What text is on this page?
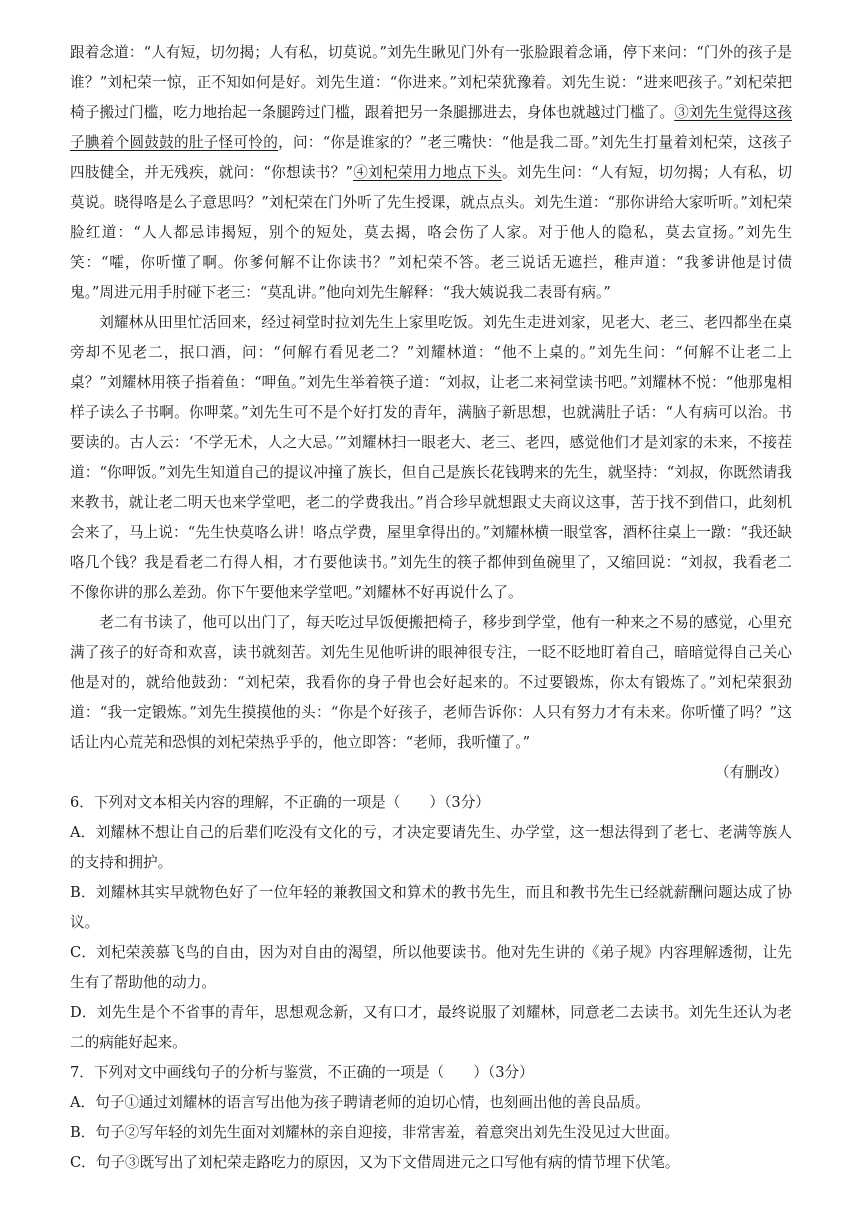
跟着念道：“人有短，切勿揭；人有私，切莫说。”刘先生瞅见门外有一张脸跟着念诵，停下来问：“门外的孩子是谁？”刘杞荣一惊，正不知如何是好。刘先生道：“你进来。”刘杞荣犹豫着。刘先生说：“进来吧孩子。”刘杞荣把椅子搬过门槛，吃力地抬起一条腿跨过门槛，跟着把另一条腿挪进去，身体也就越过门槛了。③刘先生觉得这孩子腆着个圆鼓鼓的肚子怪可怜的，问：“你是谁家的？”老三嘴快：“他是我二哥。”刘先生打量着刘杞荣，这孩子四肢健全，并无残疾，就问：“你想读书？”④刘杞荣用力地点下头。刘先生问：“人有短，切勿揭；人有私，切莫说。晓得咯是么子意思吗？”刘杞荣在门外听了先生授课，就点点头。刘先生道：“那你讲给大家听听。”刘杞荣脸红道：“人人都忌讳揭短，别个的短处，莫去揭，咯会伤了人家。对于他人的隐私，莫去宣扬。”刘先生笑：“嚯，你听懂了啊。你爹何解不让你读书？”刘杞荣不答。老三说话无遮拦，稚声道：“我爹讲他是讨债鬼。”周进元用手肘碰下老三：“莫乱讲。”他向刘先生解释：“我大姨说我二表哥有病。”

刘耀林从田里忙活回来，经过祠堂时拉刘先生上家里吃饭。刘先生走进刘家，见老大、老三、老四都坐在桌旁却不见老二，抿口酒，问：“何解冇看见老二？”刘耀林道：“他不上桌的。”刘先生问：“何解不让老二上桌？”刘耀林用筷子指着鱼：“呷鱼。”刘先生举着筷子道：“刘叔，让老二来祠堂读书吧。”刘耀林不悦：“他那鬼相样子读么子书啊。你呷菜。”刘先生可不是个好打发的青年，满脑子新思想，也就满肚子话：“人有病可以治。书要读的。古人云：‘不学无术，人之大忌。’”刘耀林扫一眼老大、老三、老四，感觉他们才是刘家的未来，不接茬道：“你呷饭。”刘先生知道自己的提议冲撞了族长，但自己是族长花钱聘来的先生，就坚持：“刘叔，你既然请我来教书，就让老二明天也来学堂吧，老二的学费我出。”肖合珍早就想跟丈夫商议这事，苦于找不到借口，此刻机会来了，马上说：“先生快莫咯么讲！咯点学费，屋里拿得出的。”刘耀林横一眼堂客，酒杯往桌上一蹾：“我还缺咯几个钱？我是看老二冇得人相，才冇要他读书。”刘先生的筷子都伸到鱼碗里了，又缩回说：“刘叔，我看老二不像你讲的那么差劲。你下午要他来学堂吧。”刘耀林不好再说什么了。

老二有书读了，他可以出门了，每天吃过早饭便搬把椅子，移步到学堂，他有一种来之不易的感觉，心里充满了孩子的好奇和欢喜，读书就刻苦。刘先生见他听讲的眼神很专注，一眨不眨地盯着自己，暗暗觉得自己关心他是对的，就给他鼓劲：“刘杞荣，我看你的身子骨也会好起来的。不过要锻炼，你太有锻炼了。”刘杞荣狠劲道：“我一定锻炼。”刘先生摸摸他的头：“你是个好孩子，老师告诉你：人只有努力才有未来。你听懂了吗？”这话让内心荒芜和恐惧的刘杞荣热乎乎的，他立即答：“老师，我听懂了。”

（有删改）

6．下列对文本相关内容的理解，不正确的一项是（　　）（3分）

A．刘耀林不想让自己的后辈们吃没有文化的亏，才决定要请先生、办学堂，这一想法得到了老七、老满等族人的支持和拥护。

B．刘耀林其实早就物色好了一位年轻的兼教国文和算术的教书先生，而且和教书先生已经就薪酬问题达成了协议。

C．刘杞荣羡慕飞鸟的自由，因为对自由的渴望，所以他要读书。他对先生讲的《弟子规》内容理解透彻，让先生有了帮助他的动力。

D．刘先生是个不省事的青年，思想观念新，又有口才，最终说服了刘耀林，同意老二去读书。刘先生还认为老二的病能好起来。

7．下列对文中画线句子的分析与鉴赏，不正确的一项是（　　）（3分）

A．句子①通过刘耀林的语言写出他为孩子聘请老师的迫切心情，也刻画出他的善良品质。

B．句子②写年轻的刘先生面对刘耀林的亲自迎接，非常害羞，着意突出刘先生没见过大世面。

C．句子③既写出了刘杞荣走路吃力的原因，又为下文借周进元之口写他有病的情节埋下伏笔。
